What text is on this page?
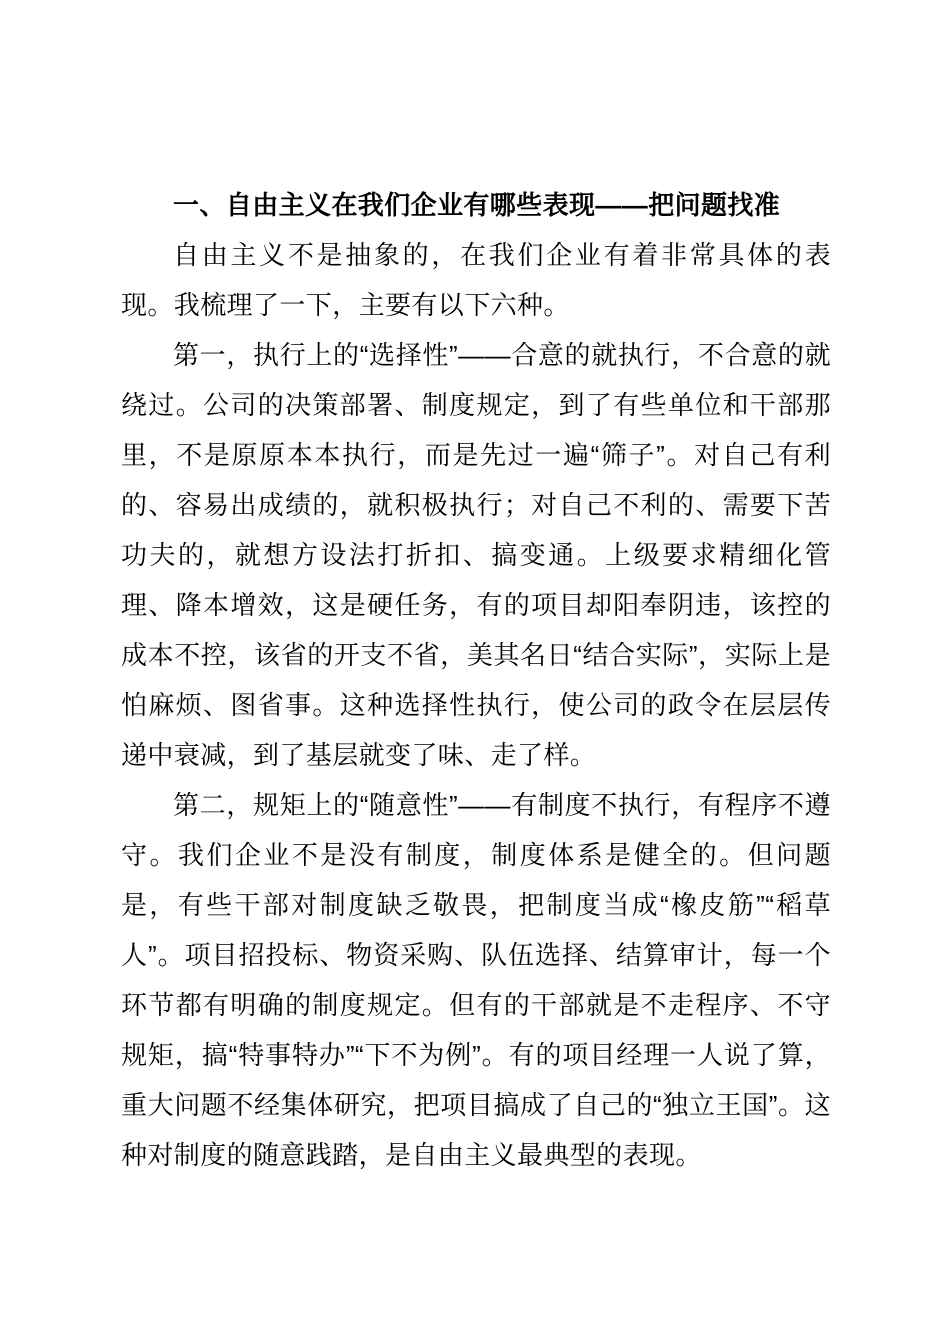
一、自由主义在我们企业有哪些表现——把问题找准

自由主义不是抽象的，在我们企业有着非常具体的表现。我梳理了一下，主要有以下六种。

第一，执行上的“选择性”——合意的就执行，不合意的就绕过。公司的决策部署、制度规定，到了有些单位和干部那里，不是原原本本执行，而是先过一遍“筛子”。对自己有利的、容易出成绩的，就积极执行；对自己不利的、需要下苦功夫的，就想方设法打折扣、搞变通。上级要求精细化管理、降本增效，这是硬任务，有的项目却阳奉阴违，该控的成本不控，该省的开支不省，美其名日“结合实际”，实际上是怕麻烦、图省事。这种选择性执行，使公司的政令在层层传递中衰减，到了基层就变了味、走了样。

第二，规矩上的“随意性”——有制度不执行，有程序不遵守。我们企业不是没有制度，制度体系是健全的。但问题是，有些干部对制度缺乏敬畏，把制度当成“橡皮筋”“稻草人”。项目招投标、物资采购、队伍选择、结算审计，每一个环节都有明确的制度规定。但有的干部就是不走程序、不守规矩，搞“特事特办”“下不为例”。有的项目经理一人说了算，重大问题不经集体研究，把项目搞成了自己的“独立王国”。这种对制度的随意践踏，是自由主义最典型的表现。
